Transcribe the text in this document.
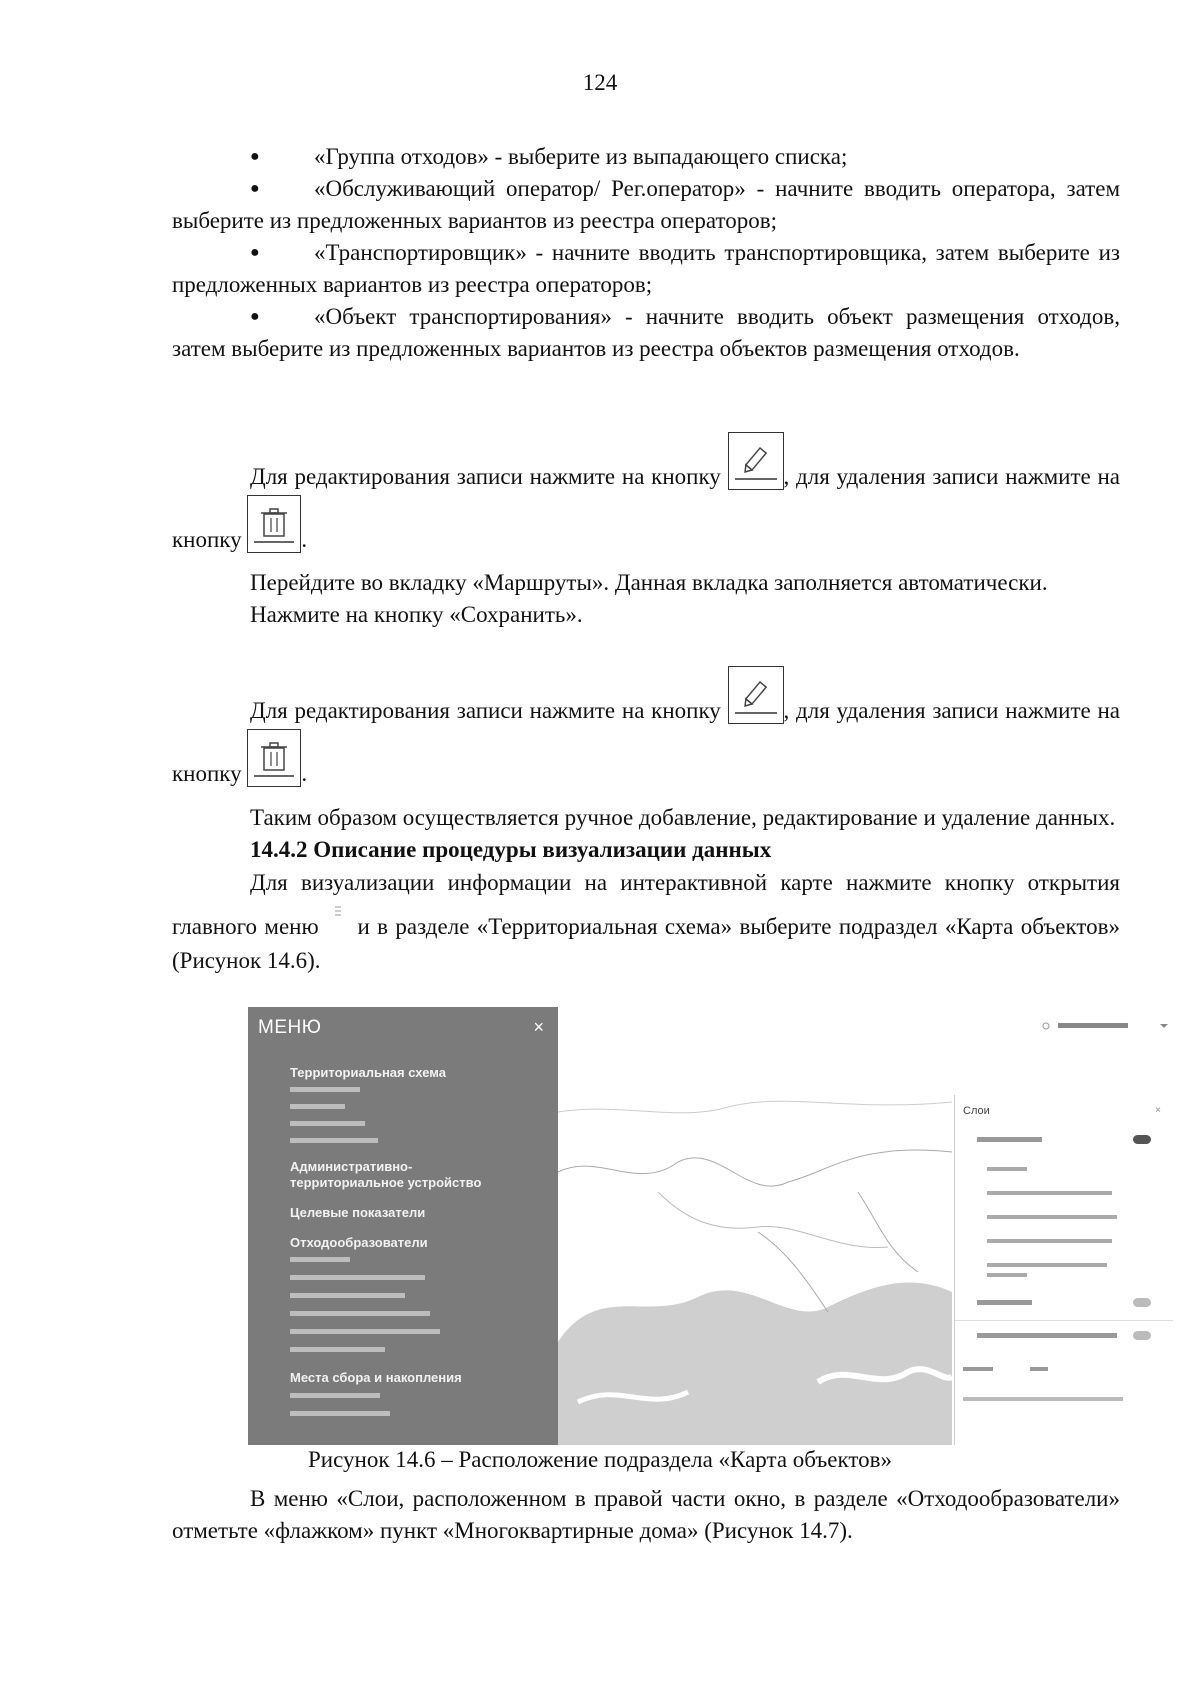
124

● «Группа отходов» - выберите из выпадающего списка;

● «Обслуживающий оператор/ Рег.оператор» - начните вводить оператора, затем выберите из предложенных вариантов из реестра операторов;

● «Транспортировщик» - начните вводить транспортировщика, затем выберите из предложенных вариантов из реестра операторов;

● «Объект транспортирования» - начните вводить объект размещения отходов, затем выберите из предложенных вариантов из реестра объектов размещения отходов.

Для редактирования записи нажмите на кнопку
, для удаления записи нажмите на кнопку
.

Перейдите во вкладку «Маршруты». Данная вкладка заполняется автоматически.

Нажмите на кнопку «Сохранить».

Для редактирования записи нажмите на кнопку
, для удаления записи нажмите на кнопку
.

Таким образом осуществляется ручное добавление, редактирование и удаление данных.

14.4.2 Описание процедуры визуализации данных

Для визуализации информации на интерактивной карте нажмите кнопку открытия главного меню  и в разделе «Территориальная схема» выберите подраздел «Карта объектов» (Рисунок 14.6).

МЕНЮ	×
Территориальная схема
Административно-
территориальное устройство
Целевые показатели
Отходообразователи
Места сбора и накопления
Слои	×
Рисунок 14.6 – Расположение подраздела «Карта объектов»

В меню «Слои, расположенном в правой части окно, в разделе «Отходообразователи» отметьте «флажком» пункт «Многоквартирные дома» (Рисунок 14.7).
